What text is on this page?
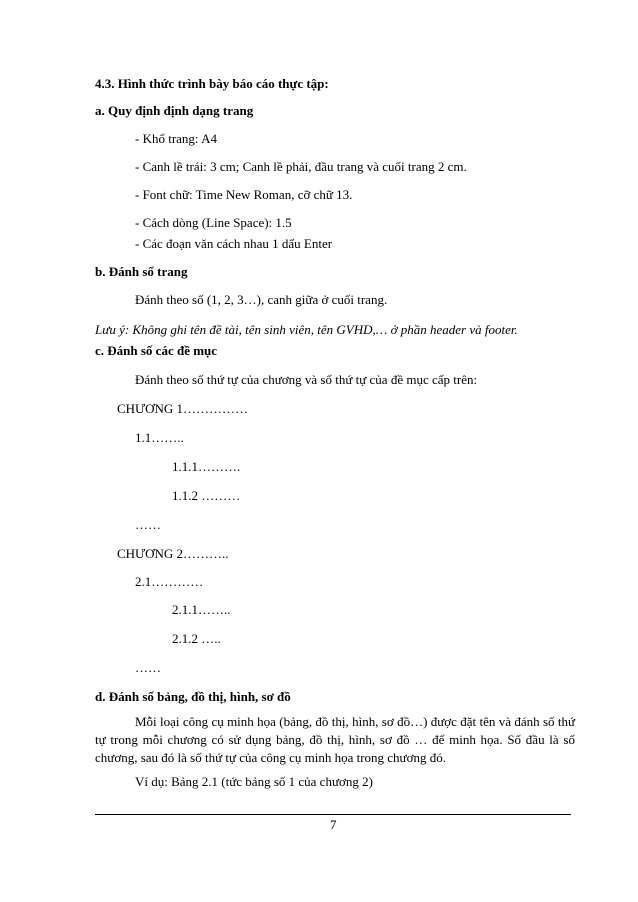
4.3. Hình thức trình bày báo cáo thực tập:
a. Quy định định dạng trang
- Khổ trang: A4
- Canh lề trái: 3 cm; Canh lề phải, đầu trang và cuối trang 2 cm.
- Font chữ: Time New Roman, cỡ chữ 13.
- Cách dòng (Line Space): 1.5
- Các đoạn văn cách nhau 1 dấu Enter
b. Đánh số trang
Đánh theo số (1, 2, 3…), canh giữa ở cuối trang.
Lưu ý: Không ghi tên đề tài, tên sinh viên, tên GVHD,… ở phần header và footer.
c. Đánh số các đề mục
Đánh theo số thứ tự của chương và số thứ tự của đề mục cấp trên:
CHƯƠNG 1……………
1.1……..
1.1.1……….
1.1.2 ………
……
CHƯƠNG 2………..
2.1…………
2.1.1……..
2.1.2 …..
……
d. Đánh số bảng, đồ thị, hình, sơ đồ
Mỗi loại công cụ minh họa (bảng, đồ thị, hình, sơ đồ…) được đặt tên và đánh số thứ tự trong mỗi chương có sử dụng bảng, đồ thị, hình, sơ đồ … để minh họa. Số đầu là số chương, sau đó là số thứ tự của công cụ minh họa trong chương đó.
Ví dụ: Bảng 2.1 (tức bảng số 1 của chương 2)
7
